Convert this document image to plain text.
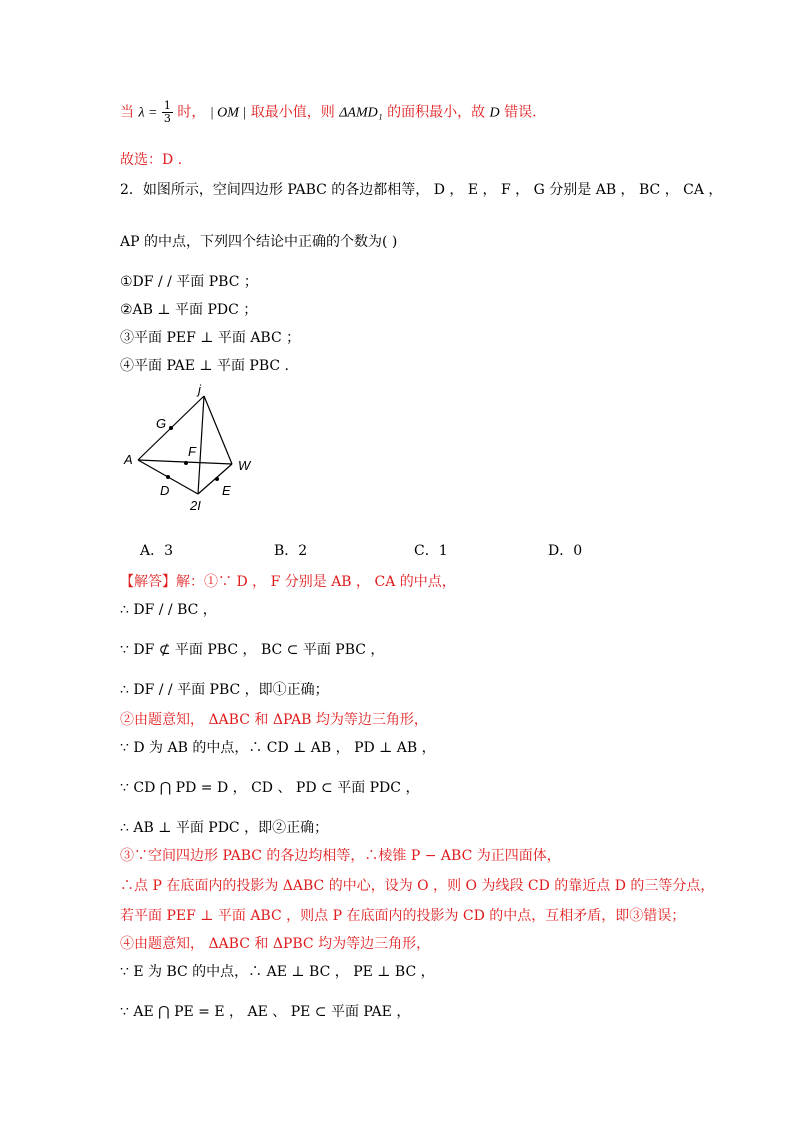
当 $\lambda = \frac{1}{3}$ 时， | OM | 取最小值，则 ΔAMD₁ 的面积最小，故 D 错误.
故选：D .
2．如图所示，空间四边形 PABC 的各边都相等， D ， E ， F ， G 分别是 AB ， BC ， CA ，
AP 的中点，下列四个结论中正确的个数为( )
①DF / / 平面 PBC ；
②AB ⊥ 平面 PDC ；
③平面 PEF ⊥ 平面 ABC ；
④平面 PAE ⊥ 平面 PBC .
j
G
F
A	W
D	E
2I
A．3	B．2	C．1	D．0
【解答】解：①∵ D ， F 分别是 AB ， CA 的中点，
∴ DF / / BC ，
∵ DF ⊄ 平面 PBC ， BC ⊂ 平面 PBC ，
∴ DF / / 平面 PBC ，即①正确；
②由题意知， ΔABC 和 ΔPAB 均为等边三角形，
∵ D 为 AB 的中点，∴ CD ⊥ AB ， PD ⊥ AB ，
∵ CD ⋂ PD = D ， CD 、 PD ⊂ 平面 PDC ，
∴ AB ⊥ 平面 PDC ，即②正确；
③∵空间四边形 PABC 的各边均相等，∴棱锥 P − ABC 为正四面体，
∴点 P 在底面内的投影为 ΔABC 的中心，设为 O ，则 O 为线段 CD 的靠近点 D 的三等分点，
若平面 PEF ⊥ 平面 ABC ，则点 P 在底面内的投影为 CD 的中点，互相矛盾，即③错误；
④由题意知， ΔABC 和 ΔPBC 均为等边三角形，
∵ E 为 BC 的中点，∴ AE ⊥ BC ， PE ⊥ BC ，
∵ AE ⋂ PE = E ， AE 、 PE ⊂ 平面 PAE ，
